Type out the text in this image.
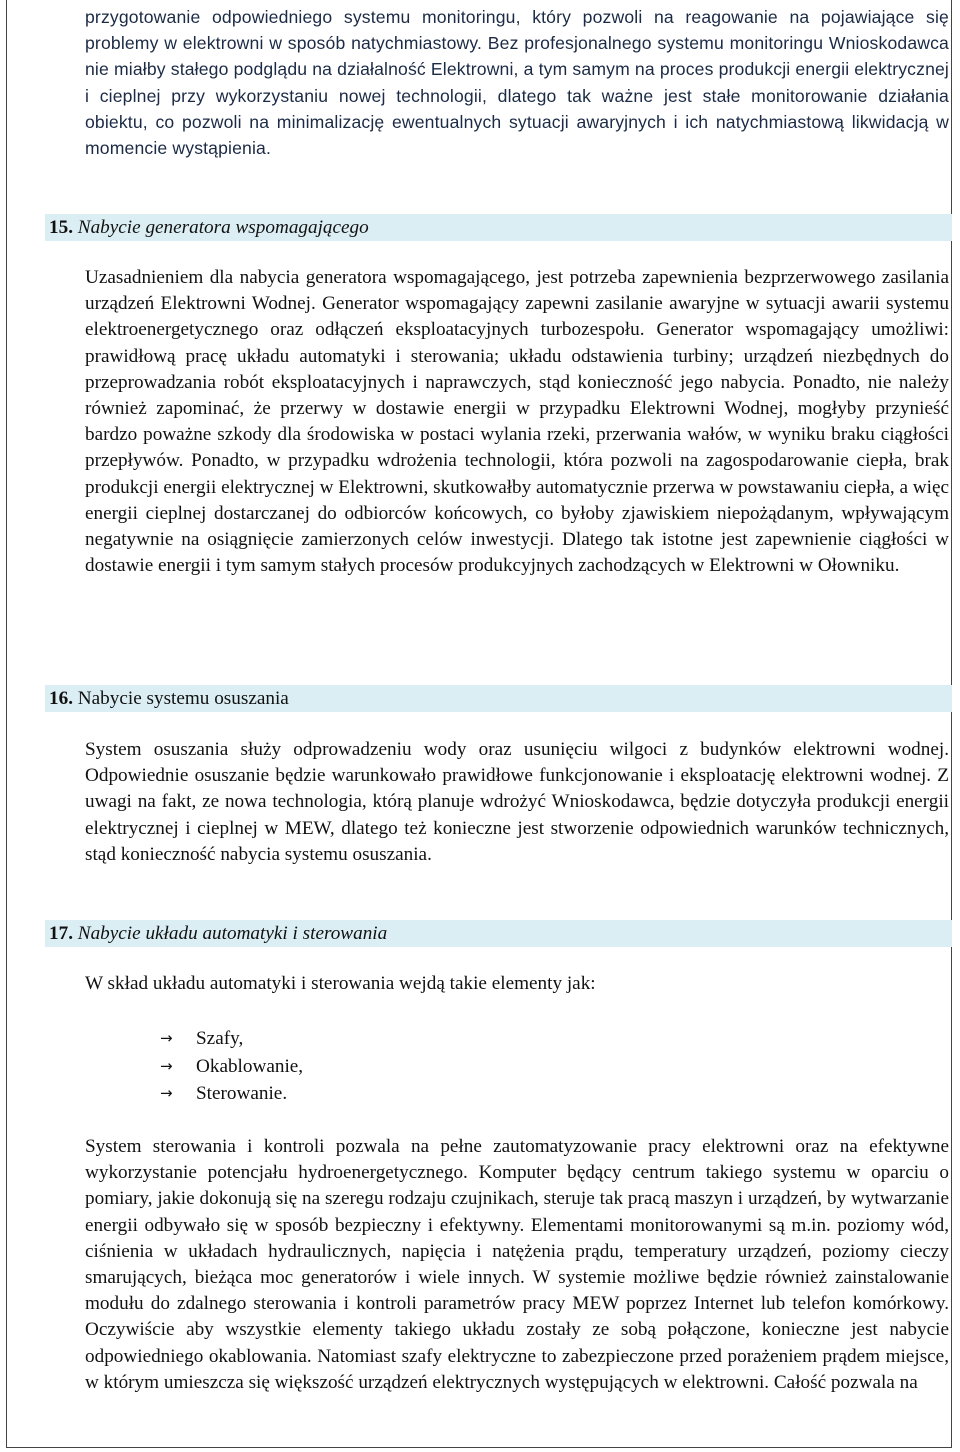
przygotowanie odpowiedniego systemu monitoringu, który pozwoli na reagowanie na pojawiające się problemy w elektrowni w sposób natychmiastowy. Bez profesjonalnego systemu monitoringu Wnioskodawca nie miałby stałego podglądu na działalność Elektrowni, a tym samym na proces produkcji energii elektrycznej i cieplnej przy wykorzystaniu nowej technologii, dlatego tak ważne jest stałe monitorowanie działania obiektu, co pozwoli na minimalizację ewentualnych sytuacji awaryjnych i ich natychmiastową likwidacją w momencie wystąpienia.

15. Nabycie generatora wspomagającego

Uzasadnieniem dla nabycia generatora wspomagającego, jest potrzeba zapewnienia bezprzerwowego zasilania urządzeń Elektrowni Wodnej. Generator wspomagający zapewni zasilanie awaryjne w sytuacji awarii systemu elektroenergetycznego oraz odłączeń eksploatacyjnych turbozespołu. Generator wspomagający umożliwi: prawidłową pracę układu automatyki i sterowania; układu odstawienia turbiny; urządzeń niezbędnych do przeprowadzania robót eksploatacyjnych i naprawczych, stąd konieczność jego nabycia. Ponadto, nie należy również zapominać, że przerwy w dostawie energii w przypadku Elektrowni Wodnej, mogłyby przynieść bardzo poważne szkody dla środowiska w postaci wylania rzeki, przerwania wałów, w wyniku braku ciągłości przepływów. Ponadto, w przypadku wdrożenia technologii, która pozwoli na zagospodarowanie ciepła, brak produkcji energii elektrycznej w Elektrowni, skutkowałby automatycznie przerwa w powstawaniu ciepła, a więc energii cieplnej dostarczanej do odbiorców końcowych, co byłoby zjawiskiem niepożądanym, wpływającym negatywnie na osiągnięcie zamierzonych celów inwestycji. Dlatego tak istotne jest zapewnienie ciągłości w dostawie energii i tym samym stałych procesów produkcyjnych zachodzących w Elektrowni w Ołowniku.

16. Nabycie systemu osuszania

System osuszania służy odprowadzeniu wody oraz usunięciu wilgoci z budynków elektrowni wodnej. Odpowiednie osuszanie będzie warunkowało prawidłowe funkcjonowanie i eksploatację elektrowni wodnej. Z uwagi na fakt, ze nowa technologia, którą planuje wdrożyć Wnioskodawca, będzie dotyczyła produkcji energii elektrycznej i cieplnej w MEW, dlatego też konieczne jest stworzenie odpowiednich warunków technicznych, stąd konieczność nabycia systemu osuszania.

17. Nabycie układu automatyki i sterowania

W skład układu automatyki i sterowania wejdą takie elementy jak:

→ Szafy,
→ Okablowanie,
→ Sterowanie.

System sterowania i kontroli pozwala na pełne zautomatyzowanie pracy elektrowni oraz na efektywne wykorzystanie potencjału hydroenergetycznego. Komputer będący centrum takiego systemu w oparciu o pomiary, jakie dokonują się na szeregu rodzaju czujnikach, steruje tak pracą maszyn i urządzeń, by wytwarzanie energii odbywało się w sposób bezpieczny i efektywny. Elementami monitorowanymi są m.in. poziomy wód, ciśnienia w układach hydraulicznych, napięcia i natężenia prądu, temperatury urządzeń, poziomy cieczy smarujących, bieżąca moc generatorów i wiele innych. W systemie możliwe będzie również zainstalowanie modułu do zdalnego sterowania i kontroli parametrów pracy MEW poprzez Internet lub telefon komórkowy. Oczywiście aby wszystkie elementy takiego układu zostały ze sobą połączone, konieczne jest nabycie odpowiedniego okablowania. Natomiast szafy elektryczne to zabezpieczone przed porażeniem prądem miejsce, w którym umieszcza się większość urządzeń elektrycznych występujących w elektrowni. Całość pozwala na
